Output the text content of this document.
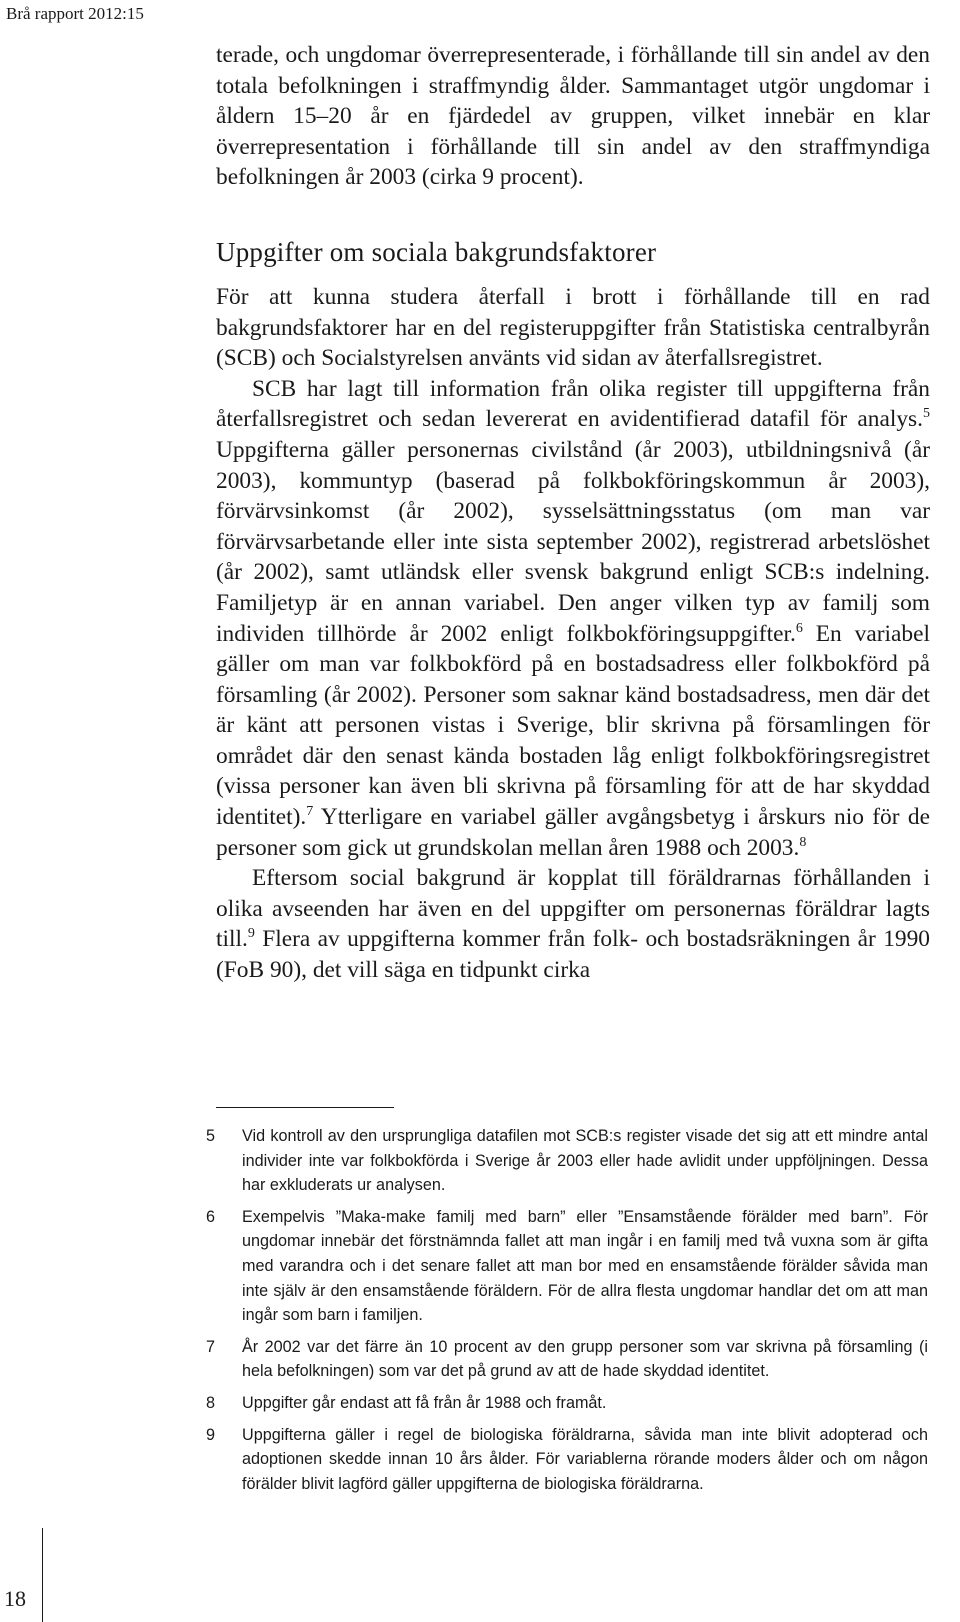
Brå rapport 2012:15

terade, och ungdomar överrepresenterade, i förhållande till sin andel av den totala befolkningen i straffmyndig ålder. Sammantaget utgör ungdomar i åldern 15–20 år en fjärdedel av gruppen, vilket innebär en klar överrepresentation i förhållande till sin andel av den straffmyndiga befolkningen år 2003 (cirka 9 procent).

Uppgifter om sociala bakgrundsfaktorer

För att kunna studera återfall i brott i förhållande till en rad bakgrundsfaktorer har en del registeruppgifter från Statistiska centralbyrån (SCB) och Socialstyrelsen använts vid sidan av återfallsregistret.

SCB har lagt till information från olika register till uppgifterna från återfallsregistret och sedan levererat en avidentifierad datafil för analys.$^5$ Uppgifterna gäller personernas civilstånd (år 2003), utbildningsnivå (år 2003), kommuntyp (baserad på folkbokföringskommun år 2003), förvärvsinkomst (år 2002), sysselsättningsstatus (om man var förvärvsarbetande eller inte sista september 2002), registrerad arbetslöshet (år 2002), samt utländsk eller svensk bakgrund enligt SCB:s indelning. Familjetyp är en annan variabel. Den anger vilken typ av familj som individen tillhörde år 2002 enligt folkbokföringsuppgifter.$^6$ En variabel gäller om man var folkbokförd på en bostadsadress eller folkbokförd på församling (år 2002). Personer som saknar känd bostadsadress, men där det är känt att personen vistas i Sverige, blir skrivna på församlingen för området där den senast kända bostaden låg enligt folkbokföringsregistret (vissa personer kan även bli skrivna på församling för att de har skyddad identitet).$^7$ Ytterligare en variabel gäller avgångsbetyg i årskurs nio för de personer som gick ut grundskolan mellan åren 1988 och 2003.$^8$

Eftersom social bakgrund är kopplat till föräldrarnas förhållanden i olika avseenden har även en del uppgifter om personernas föräldrar lagts till.$^9$ Flera av uppgifterna kommer från folk- och bostadsräkningen år 1990 (FoB 90), det vill säga en tidpunkt cirka

5	Vid kontroll av den ursprungliga datafilen mot SCB:s register visade det sig att ett mindre antal individer inte var folkbokförda i Sverige år 2003 eller hade avlidit under uppföljningen. Dessa har exkluderats ur analysen.
6	Exempelvis ”Maka-make familj med barn” eller ”Ensamstående förälder med barn”. För ungdomar innebär det förstnämnda fallet att man ingår i en familj med två vuxna som är gifta med varandra och i det senare fallet att man bor med en ensamstående förälder såvida man inte själv är den ensamstående föräldern. För de allra flesta ungdomar handlar det om att man ingår som barn i familjen.
7	År 2002 var det färre än 10 procent av den grupp personer som var skrivna på församling (i hela befolkningen) som var det på grund av att de hade skyddad identitet.
8	Uppgifter går endast att få från år 1988 och framåt.
9	Uppgifterna gäller i regel de biologiska föräldrarna, såvida man inte blivit adopterad och adoptionen skedde innan 10 års ålder. För variablerna rörande moders ålder och om någon förälder blivit lagförd gäller uppgifterna de biologiska föräldrarna.
18
